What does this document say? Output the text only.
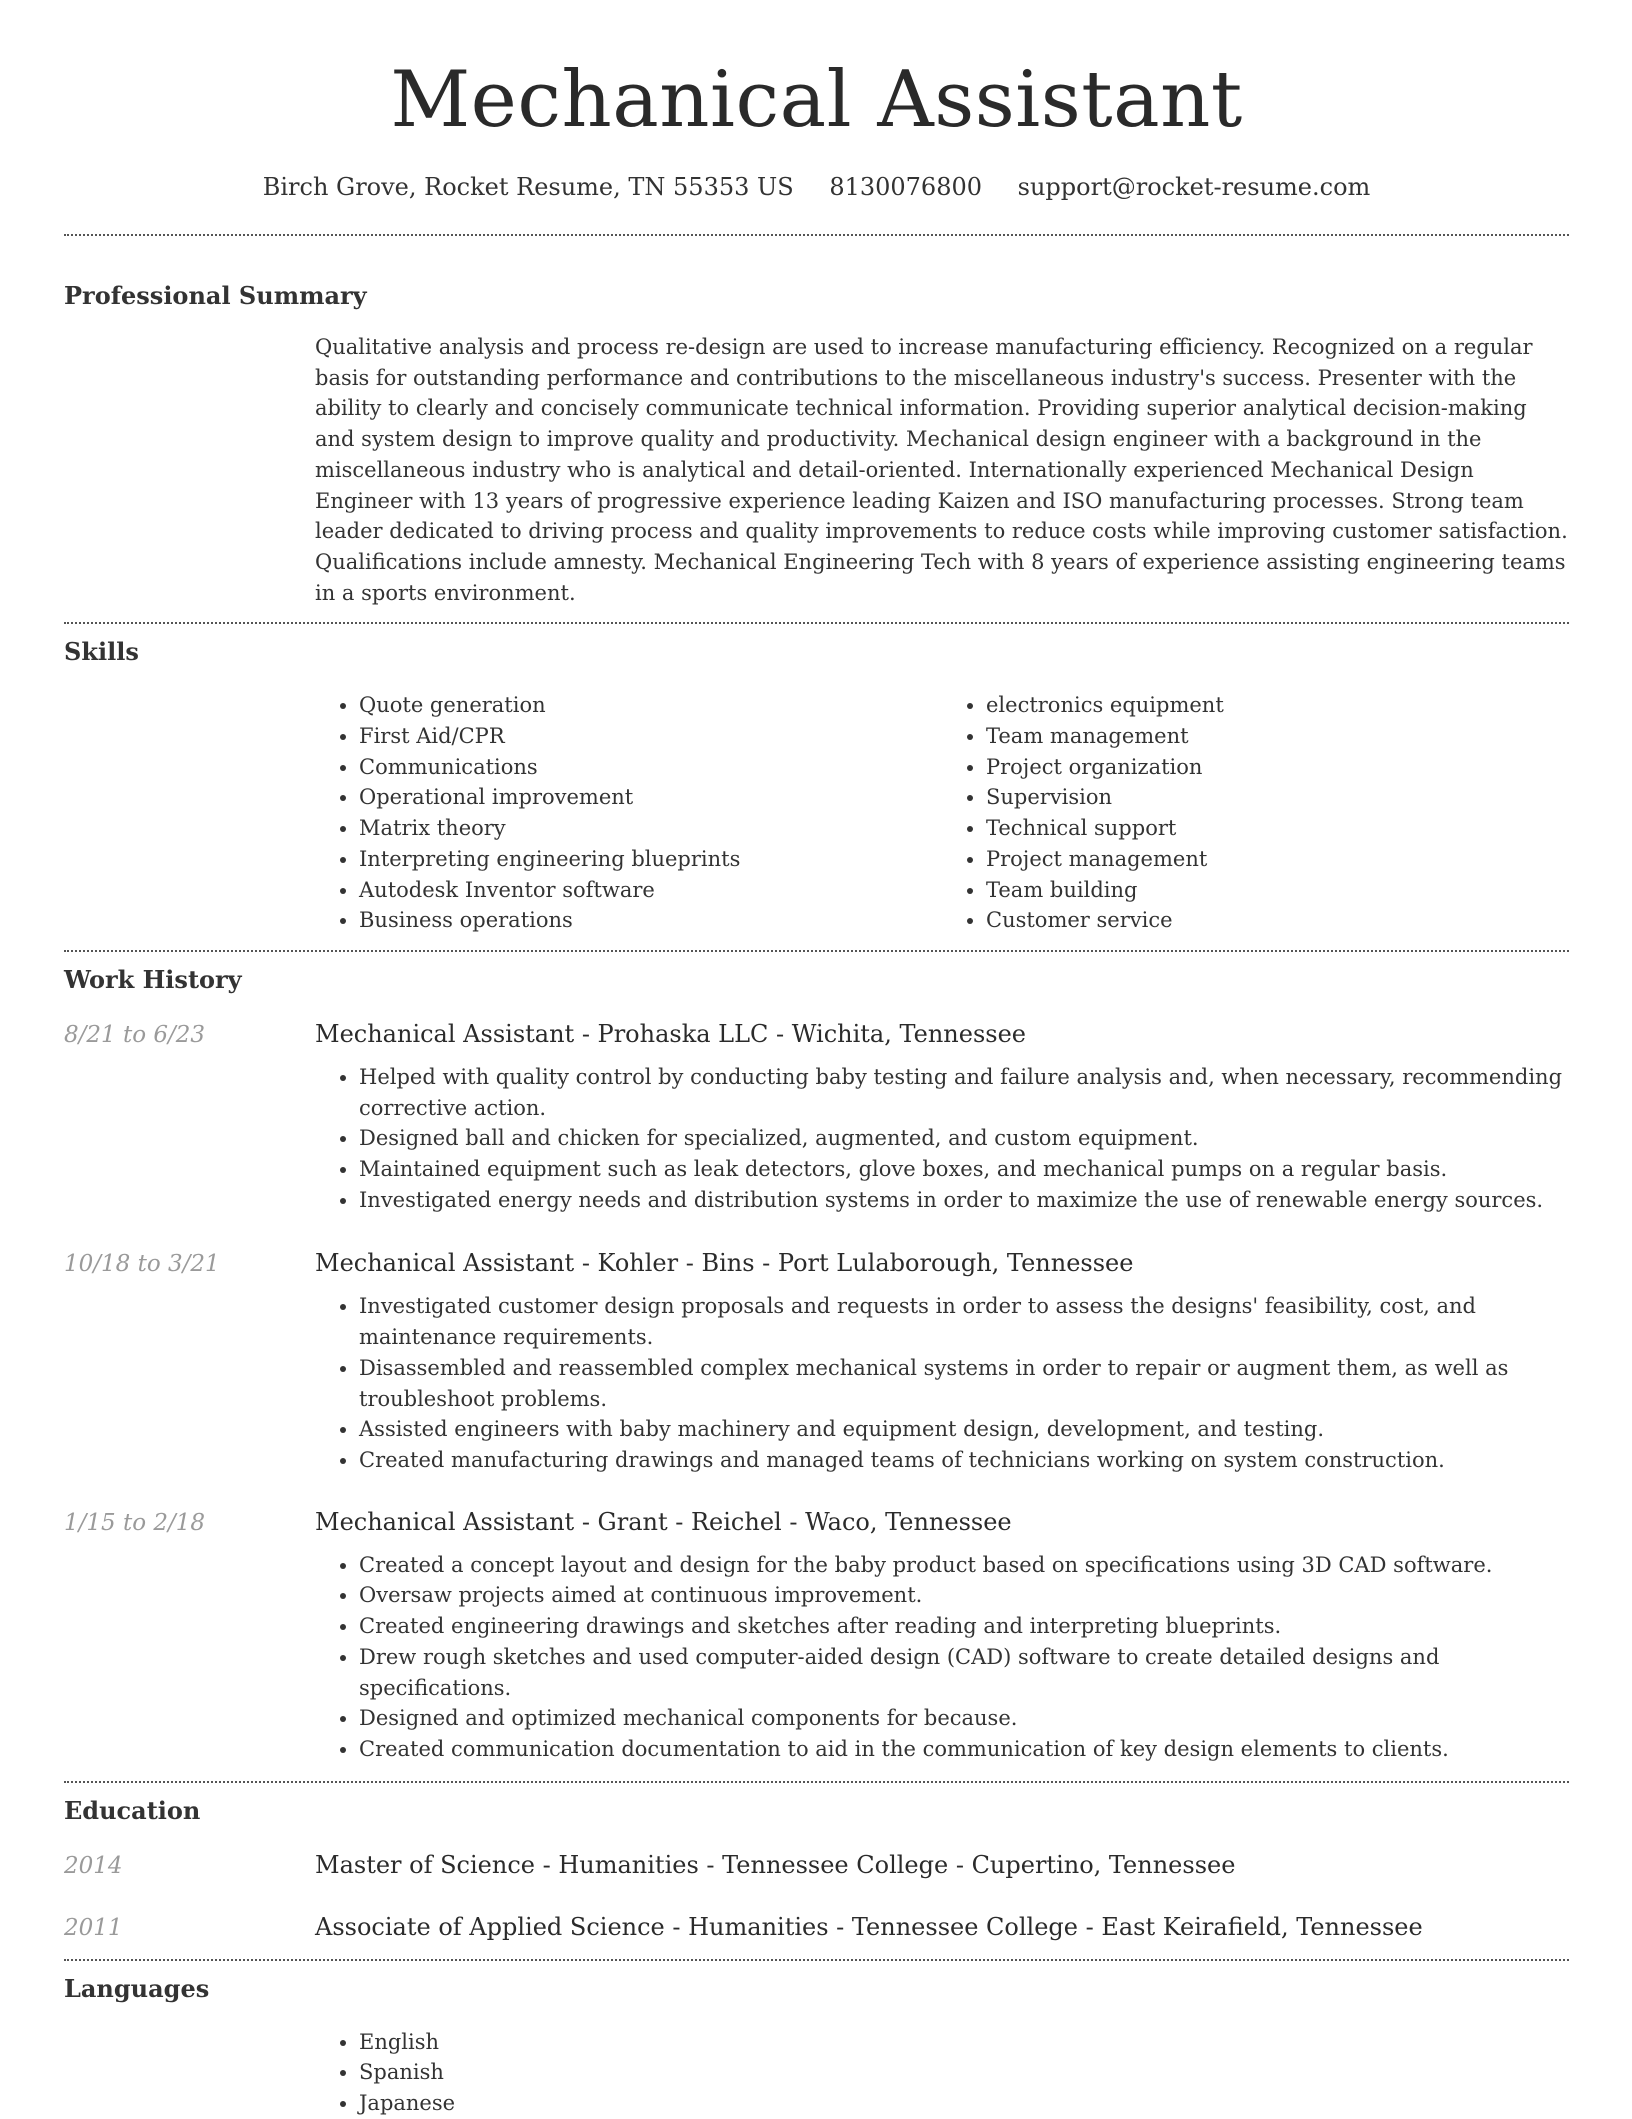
Mechanical Assistant
Birch Grove, Rocket Resume, TN 55353 US 8130076800 support@rocket-resume.com
Professional Summary
Qualitative analysis and process re-design are used to increase manufacturing efficiency. Recognized on a regular basis for outstanding performance and contributions to the miscellaneous industry's success. Presenter with the ability to clearly and concisely communicate technical information. Providing superior analytical decision-making and system design to improve quality and productivity. Mechanical design engineer with a background in the miscellaneous industry who is analytical and detail-oriented. Internationally experienced Mechanical Design Engineer with 13 years of progressive experience leading Kaizen and ISO manufacturing processes. Strong team leader dedicated to driving process and quality improvements to reduce costs while improving customer satisfaction. Qualifications include amnesty. Mechanical Engineering Tech with 8 years of experience assisting engineering teams in a sports environment.
Skills
• Quote generation
• First Aid/CPR
• Communications
• Operational improvement
• Matrix theory
• Interpreting engineering blueprints
• Autodesk Inventor software
• Business operations
• electronics equipment
• Team management
• Project organization
• Supervision
• Technical support
• Project management
• Team building
• Customer service
Work History
8/21 to 6/23	Mechanical Assistant - Prohaska LLC - Wichita, Tennessee
• Helped with quality control by conducting baby testing and failure analysis and, when necessary, recommending corrective action.
• Designed ball and chicken for specialized, augmented, and custom equipment.
• Maintained equipment such as leak detectors, glove boxes, and mechanical pumps on a regular basis.
• Investigated energy needs and distribution systems in order to maximize the use of renewable energy sources.
10/18 to 3/21	Mechanical Assistant - Kohler - Bins - Port Lulaborough, Tennessee
• Investigated customer design proposals and requests in order to assess the designs' feasibility, cost, and maintenance requirements.
• Disassembled and reassembled complex mechanical systems in order to repair or augment them, as well as troubleshoot problems.
• Assisted engineers with baby machinery and equipment design, development, and testing.
• Created manufacturing drawings and managed teams of technicians working on system construction.
1/15 to 2/18	Mechanical Assistant - Grant - Reichel - Waco, Tennessee
• Created a concept layout and design for the baby product based on specifications using 3D CAD software.
• Oversaw projects aimed at continuous improvement.
• Created engineering drawings and sketches after reading and interpreting blueprints.
• Drew rough sketches and used computer-aided design (CAD) software to create detailed designs and specifications.
• Designed and optimized mechanical components for because.
• Created communication documentation to aid in the communication of key design elements to clients.
Education
2014	Master of Science - Humanities - Tennessee College - Cupertino, Tennessee
2011	Associate of Applied Science - Humanities - Tennessee College - East Keirafield, Tennessee
Languages
• English
• Spanish
• Japanese
